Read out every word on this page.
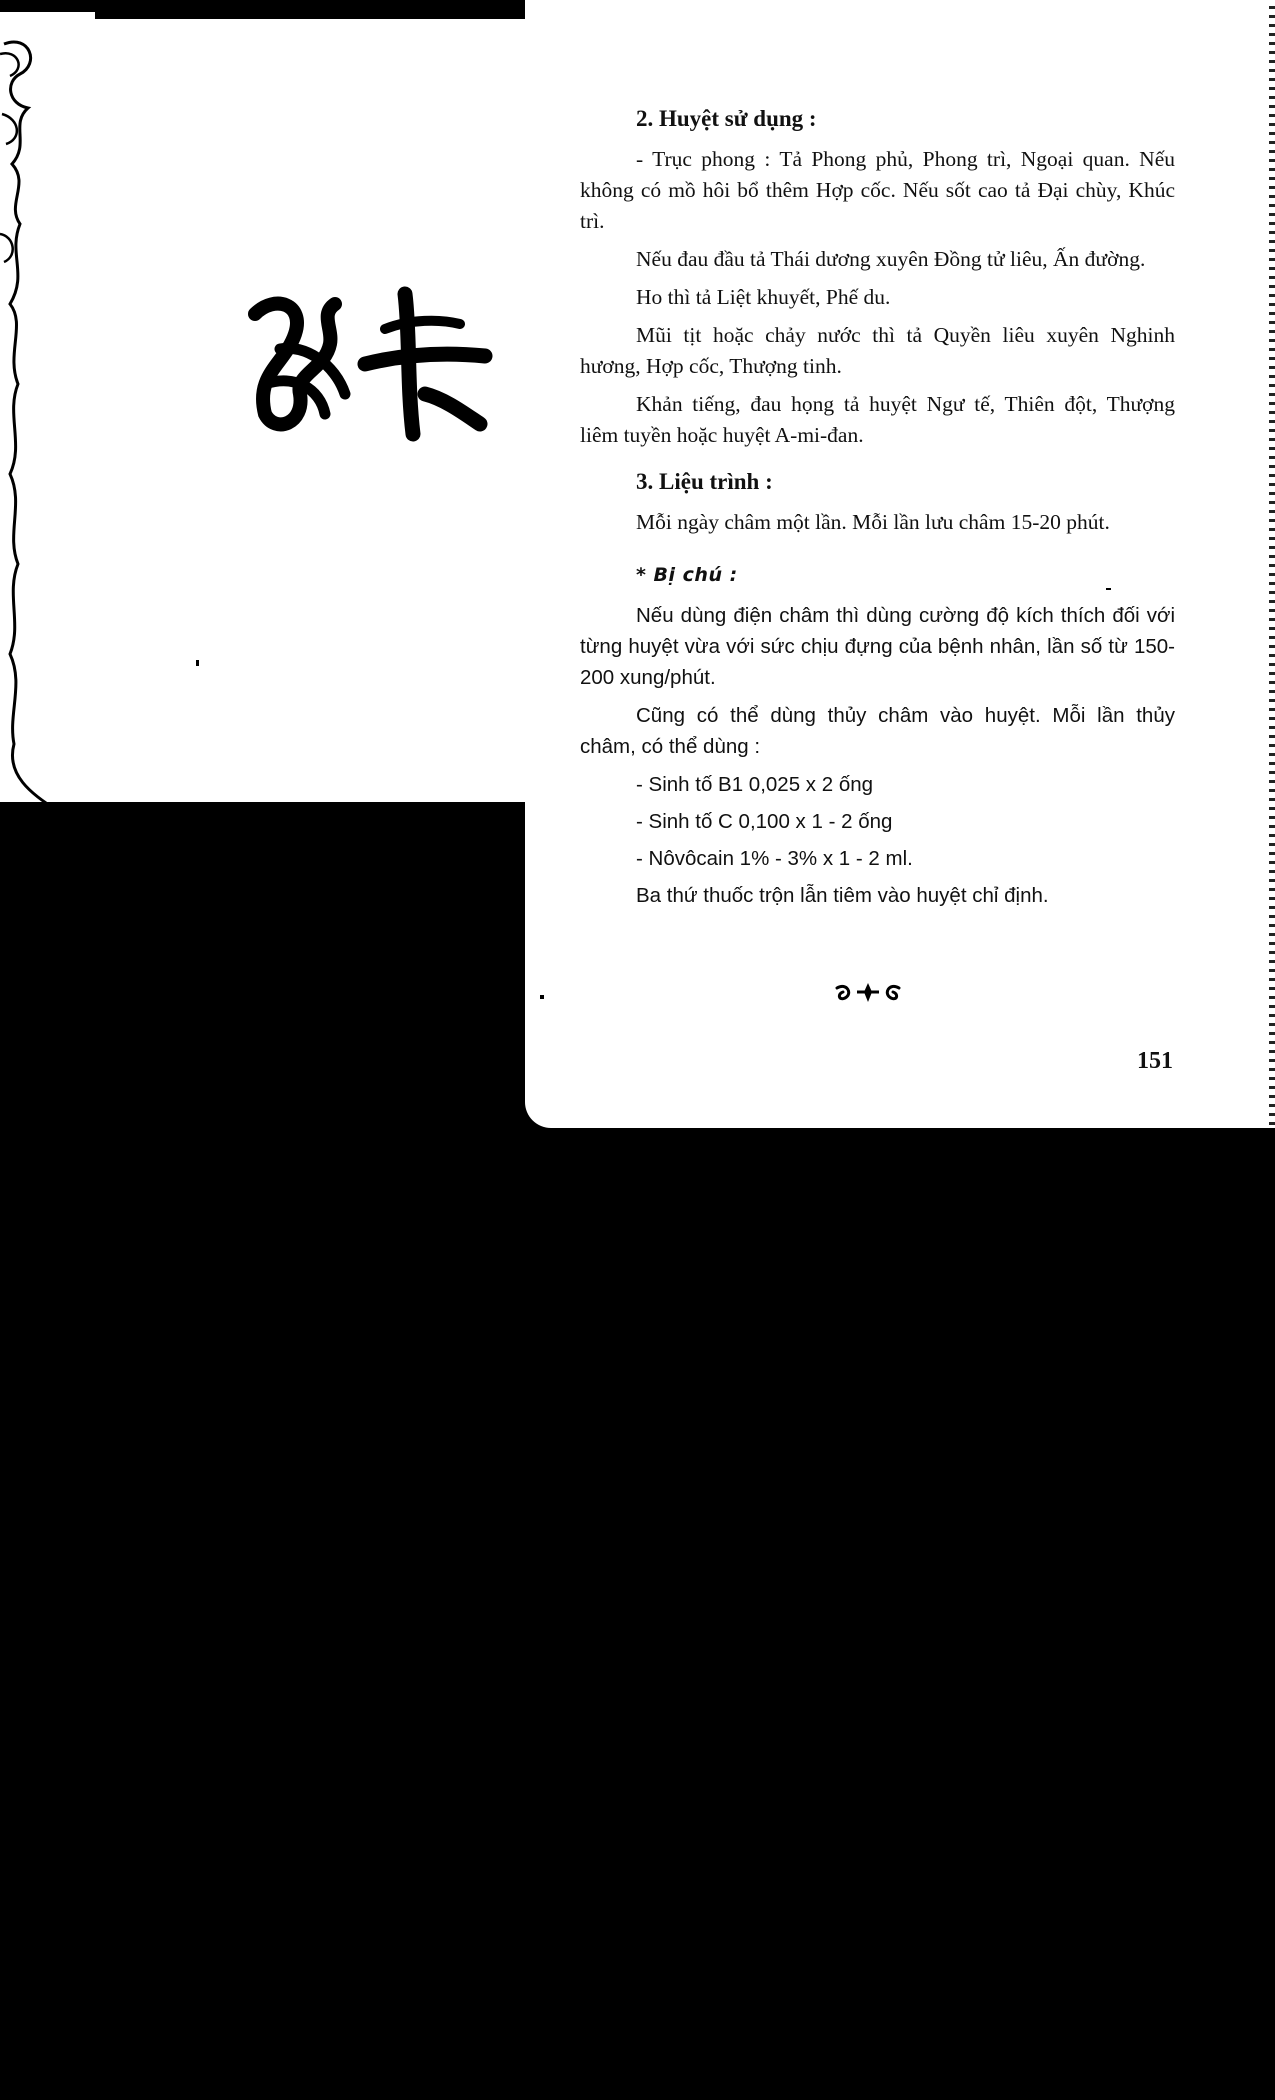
2. Huyệt sử dụng :

- Trục phong : Tả Phong phủ, Phong trì, Ngoại quan. Nếu không có mồ hôi bổ thêm Hợp cốc. Nếu sốt cao tả Đại chùy, Khúc trì.

Nếu đau đầu tả Thái dương xuyên Đồng tử liêu, Ấn đường.

Ho thì tả Liệt khuyết, Phế du.

Mũi tịt hoặc chảy nước thì tả Quyền liêu xuyên Nghinh hương, Hợp cốc, Thượng tinh.

Khản tiếng, đau họng tả huyệt Ngư tế, Thiên đột, Thượng liêm tuyền hoặc huyệt A-mi-đan.

3. Liệu trình :

Mỗi ngày châm một lần. Mỗi lần lưu châm 15-20 phút.

* Bị chú :

Nếu dùng điện châm thì dùng cường độ kích thích đối với từng huyệt vừa với sức chịu đựng của bệnh nhân, lần số từ 150-200 xung/phút.

Cũng có thể dùng thủy châm vào huyệt. Mỗi lần thủy châm, có thể dùng :

- Sinh tố B1 0,025 x 2 ống
- Sinh tố C 0,100 x 1 - 2 ống
- Nôvôcain 1% - 3% x 1 - 2 ml.
Ba thứ thuốc trộn lẫn tiêm vào huyệt chỉ định.
151
